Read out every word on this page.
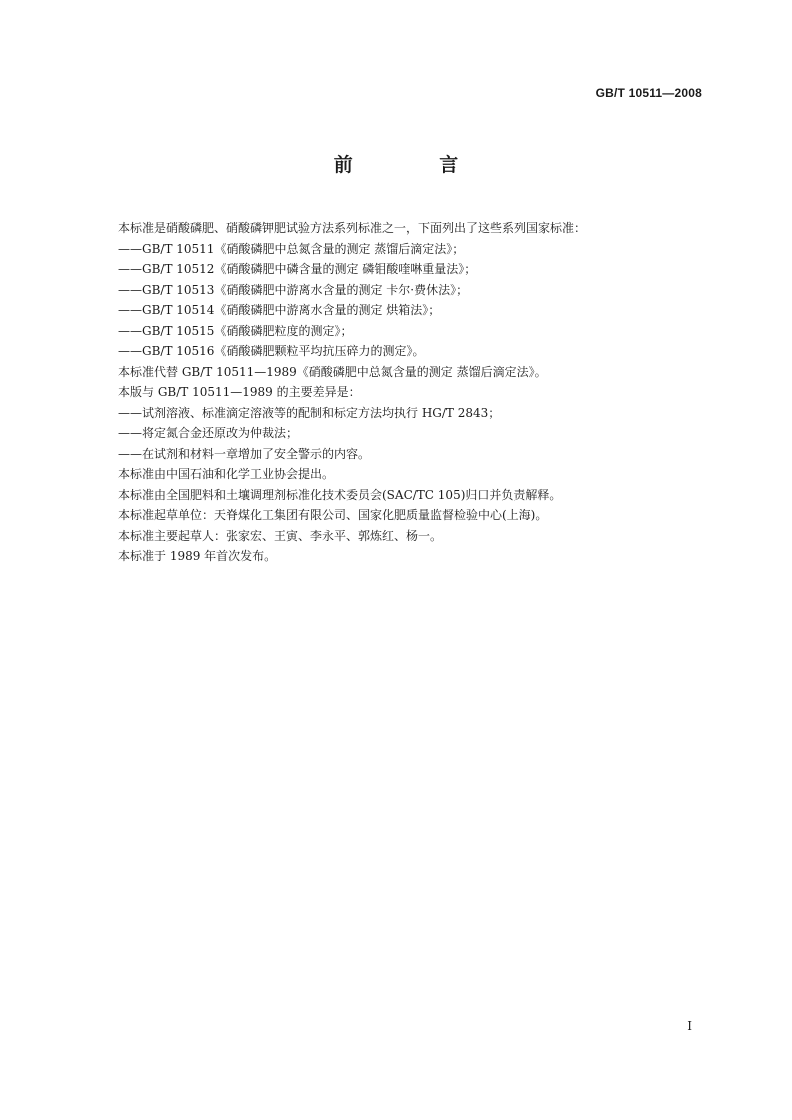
GB/T 10511—2008
前 言
本标准是硝酸磷肥、硝酸磷钾肥试验方法系列标准之一，下面列出了这些系列国家标准：
——GB/T 10511《硝酸磷肥中总氮含量的测定 蒸馏后滴定法》；
——GB/T 10512《硝酸磷肥中磷含量的测定 磷钼酸喹啉重量法》；
——GB/T 10513《硝酸磷肥中游离水含量的测定 卡尔·费休法》；
——GB/T 10514《硝酸磷肥中游离水含量的测定 烘箱法》；
——GB/T 10515《硝酸磷肥粒度的测定》；
——GB/T 10516《硝酸磷肥颗粒平均抗压碎力的测定》。
本标准代替 GB/T 10511—1989《硝酸磷肥中总氮含量的测定 蒸馏后滴定法》。
本版与 GB/T 10511—1989 的主要差异是：
——试剂溶液、标准滴定溶液等的配制和标定方法均执行 HG/T 2843；
——将定氮合金还原改为仲裁法；
——在试剂和材料一章增加了安全警示的内容。
本标准由中国石油和化学工业协会提出。
本标准由全国肥料和土壤调理剂标准化技术委员会(SAC/TC 105)归口并负责解释。
本标准起草单位：天脊煤化工集团有限公司、国家化肥质量监督检验中心(上海)。
本标准主要起草人：张家宏、王寅、李永平、郭炼红、杨一。
本标准于 1989 年首次发布。
I
